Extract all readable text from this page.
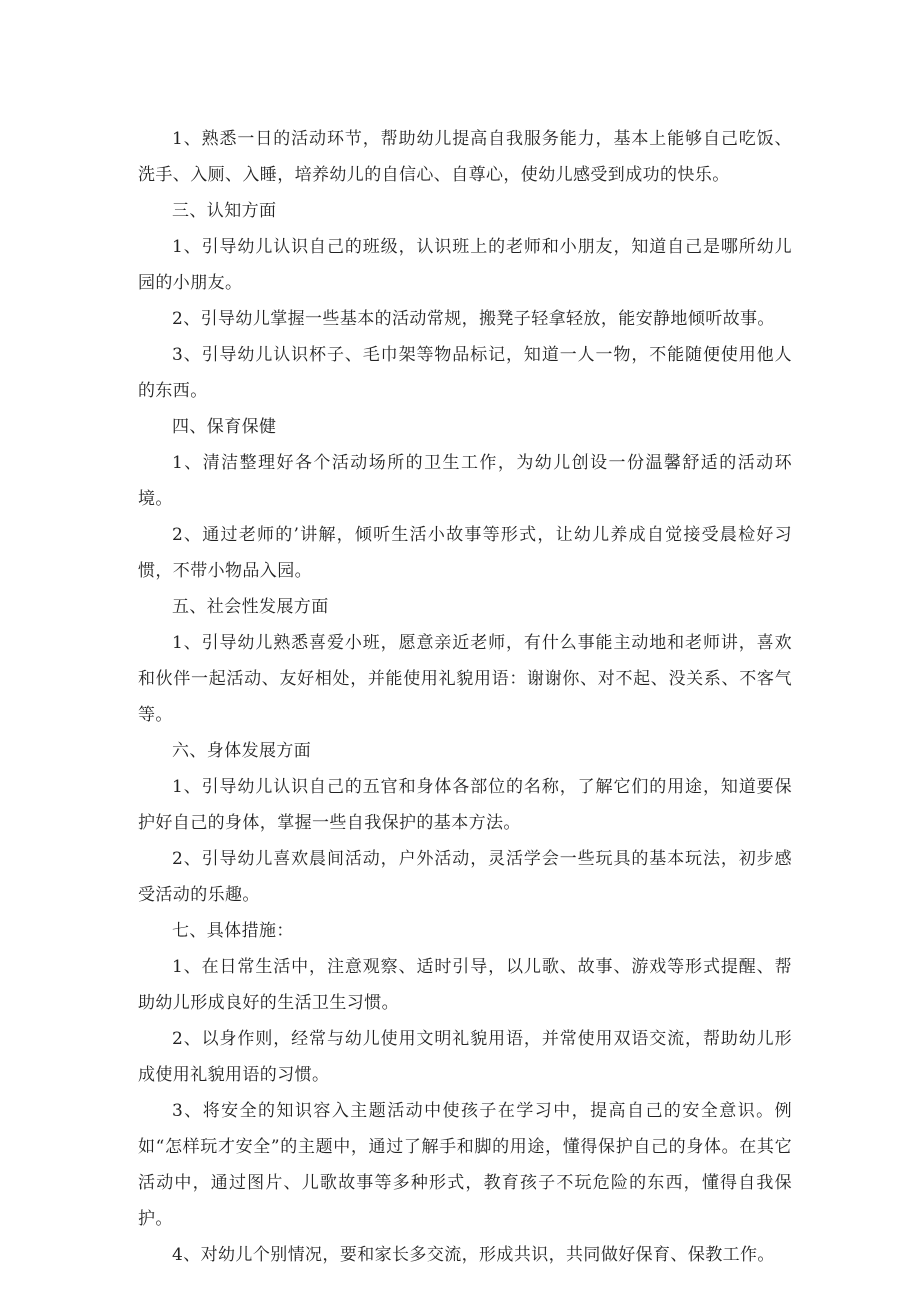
1、熟悉一日的活动环节，帮助幼儿提高自我服务能力，基本上能够自己吃饭、洗手、入厕、入睡，培养幼儿的自信心、自尊心，使幼儿感受到成功的快乐。

三、认知方面

1、引导幼儿认识自己的班级，认识班上的老师和小朋友，知道自己是哪所幼儿园的小朋友。

2、引导幼儿掌握一些基本的活动常规，搬凳子轻拿轻放，能安静地倾听故事。

3、引导幼儿认识杯子、毛巾架等物品标记，知道一人一物，不能随便使用他人的东西。

四、保育保健

1、清洁整理好各个活动场所的卫生工作，为幼儿创设一份温馨舒适的活动环境。

2、通过老师的’讲解，倾听生活小故事等形式，让幼儿养成自觉接受晨检好习惯，不带小物品入园。

五、社会性发展方面

1、引导幼儿熟悉喜爱小班，愿意亲近老师，有什么事能主动地和老师讲，喜欢和伙伴一起活动、友好相处，并能使用礼貌用语：谢谢你、对不起、没关系、不客气等。

六、身体发展方面

1、引导幼儿认识自己的五官和身体各部位的名称，了解它们的用途，知道要保护好自己的身体，掌握一些自我保护的基本方法。

2、引导幼儿喜欢晨间活动，户外活动，灵活学会一些玩具的基本玩法，初步感受活动的乐趣。

七、具体措施：

1、在日常生活中，注意观察、适时引导，以儿歌、故事、游戏等形式提醒、帮助幼儿形成良好的生活卫生习惯。

2、以身作则，经常与幼儿使用文明礼貌用语，并常使用双语交流，帮助幼儿形成使用礼貌用语的习惯。

3、将安全的知识容入主题活动中使孩子在学习中，提高自己的安全意识。例如“怎样玩才安全”的主题中，通过了解手和脚的用途，懂得保护自己的身体。在其它活动中，通过图片、儿歌故事等多种形式，教育孩子不玩危险的东西，懂得自我保护。

4、对幼儿个别情况，要和家长多交流，形成共识，共同做好保育、保教工作。
